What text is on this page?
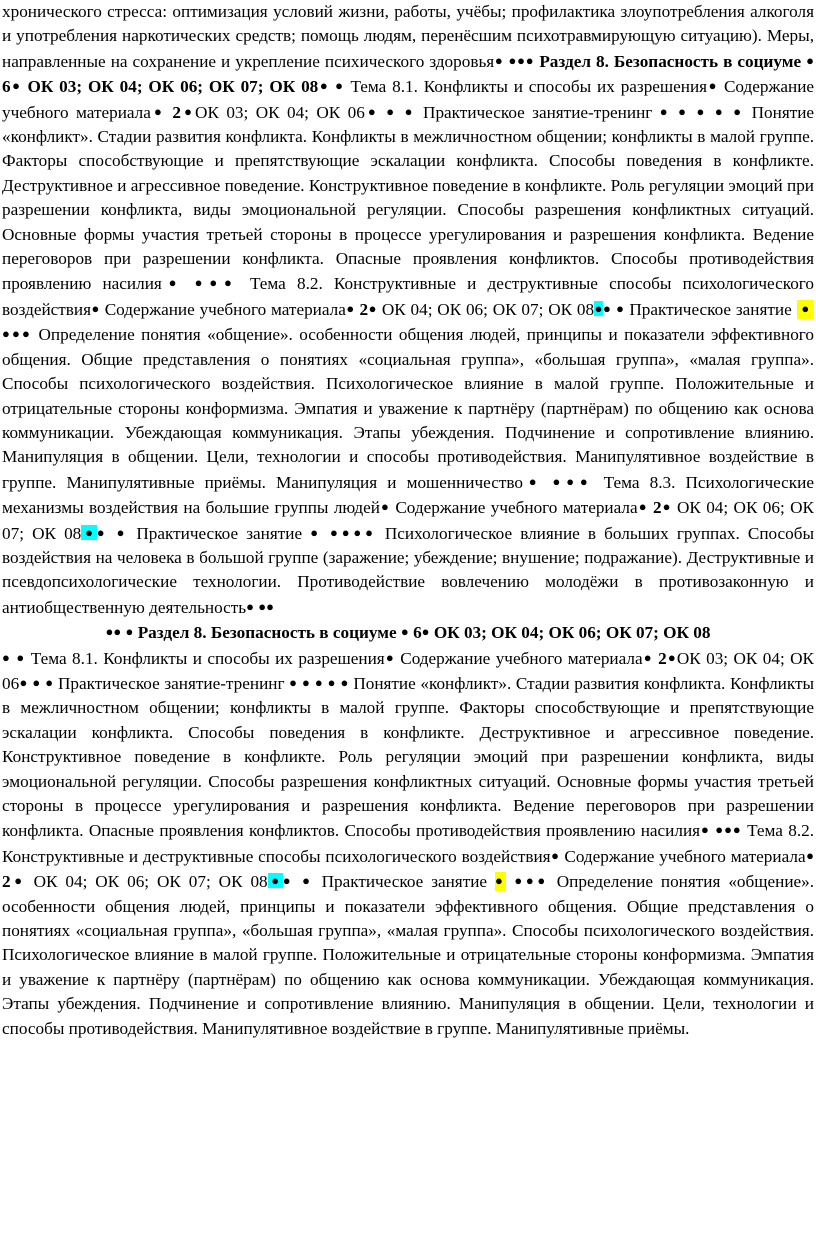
хронического стресса: оптимизация условий жизни, работы, учёбы; профилактика злоупотребления алкоголя и употребления наркотических средств; помощь людям, перенёсшим психотравмирующую ситуацию). Меры, направленные на сохранение и укрепление психического здоровья● ●●● Раздел 8. Безопасность в социуме ● 6● ОК 03; ОК 04; ОК 06; ОК 07; ОК 08● ● Тема 8.1. Конфликты и способы их разрешения● Содержание учебного материала● 2●ОК 03; ОК 04; ОК 06● ● ● Практическое занятие-тренинг ● ● ● ● ● Понятие «конфликт». Стадии развития конфликта. Конфликты в межличностном общении; конфликты в малой группе. Факторы способствующие и препятствующие эскалации конфликта. Способы поведения в конфликте. Деструктивное и агрессивное поведение. Конструктивное поведение в конфликте. Роль регуляции эмоций при разрешении конфликта, виды эмоциональной регуляции. Способы разрешения конфликтных ситуаций. Основные формы участия третьей стороны в процессе урегулирования и разрешения конфликта. Ведение переговоров при разрешении конфликта. Опасные проявления конфликтов. Способы противодействия проявлению насилия● ●●● Тема 8.2. Конструктивные и деструктивные способы психологического воздействия● Содержание учебного материала● 2● ОК 04; ОК 06; ОК 07; ОК 08●● ● Практическое занятие ●  ●●● Определение понятия «общение». особенности общения людей, принципы и показатели эффективного общения. Общие представления о понятиях «социальная группа», «большая группа», «малая группа». Способы психологического воздействия. Психологическое влияние в малой группе. Положительные и отрицательные стороны конформизма. Эмпатия и уважение к партнёру (партнёрам) по общению как основа коммуникации. Убеждающая коммуникация. Этапы убеждения. Подчинение и сопротивление влиянию. Манипуляция в общении. Цели, технологии и способы противодействия. Манипулятивное воздействие в группе. Манипулятивные приёмы. Манипуляция и мошенничество● ●●● Тема 8.3. Психологические механизмы воздействия на большие группы людей● Содержание учебного материала● 2● ОК 04; ОК 06; ОК 07; ОК 08●● ● Практическое занятие ● ●●●● Психологическое влияние в больших группах. Способы воздействия на человека в большой группе (заражение; убеждение; внушение; подражание). Деструктивные и псевдопсихологические технологии. Противодействие вовлечению молодёжи в противозаконную и антиобщественную деятельность● ●●

●● ● Раздел 8. Безопасность в социуме ● 6● ОК 03; ОК 04; ОК 06; ОК 07; ОК 08

● ● Тема 8.1. Конфликты и способы их разрешения● Содержание учебного материала● 2●ОК 03; ОК 04; ОК 06● ● ● Практическое занятие-тренинг ● ● ● ● ● Понятие «конфликт». Стадии развития конфликта. Конфликты в межличностном общении; конфликты в малой группе. Факторы способствующие и препятствующие эскалации конфликта. Способы поведения в конфликте. Деструктивное и агрессивное поведение. Конструктивное поведение в конфликте. Роль регуляции эмоций при разрешении конфликта, виды эмоциональной регуляции. Способы разрешения конфликтных ситуаций. Основные формы участия третьей стороны в процессе урегулирования и разрешения конфликта. Ведение переговоров при разрешении конфликта. Опасные проявления конфликтов. Способы противодействия проявлению насилия● ●●● Тема 8.2. Конструктивные и деструктивные способы психологического воздействия● Содержание учебного материала● 2● ОК 04; ОК 06; ОК 07; ОК 08●● ● Практическое занятие ● ●●● Определение понятия «общение». особенности общения людей, принципы и показатели эффективного общения. Общие представления о понятиях «социальная группа», «большая группа», «малая группа». Способы психологического воздействия. Психологическое влияние в малой группе. Положительные и отрицательные стороны конформизма. Эмпатия и уважение к партнёру (партнёрам) по общению как основа коммуникации. Убеждающая коммуникация. Этапы убеждения. Подчинение и сопротивление влиянию. Манипуляция в общении. Цели, технологии и способы противодействия. Манипулятивное воздействие в группе. Манипулятивные приёмы.
